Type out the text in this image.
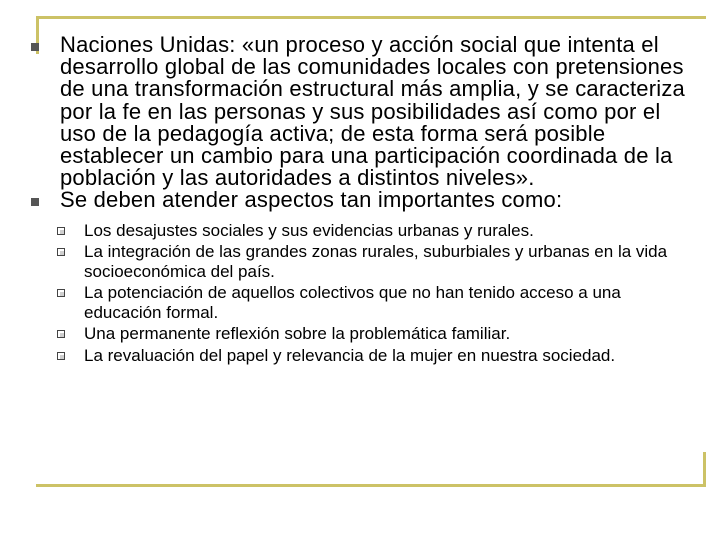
Naciones Unidas: «un proceso y acción social que intenta el desarrollo global de las comunidades locales con pretensiones de una transformación estructural más amplia, y se caracteriza por la fe en las personas y sus posibilidades así como por el uso de la pedagogía activa; de esta forma será posible establecer un cambio para una participación coordinada de la población y las autoridades a distintos niveles».
Se deben atender aspectos tan importantes como:
Los desajustes sociales y sus evidencias urbanas y rurales.
La integración de las grandes zonas rurales, suburbiales y urbanas en la vida socioeconómica del país.
La potenciación de aquellos colectivos que no han tenido acceso a una educación formal.
Una permanente reflexión sobre la problemática familiar.
La revaluación del papel y relevancia de la mujer en nuestra sociedad.
